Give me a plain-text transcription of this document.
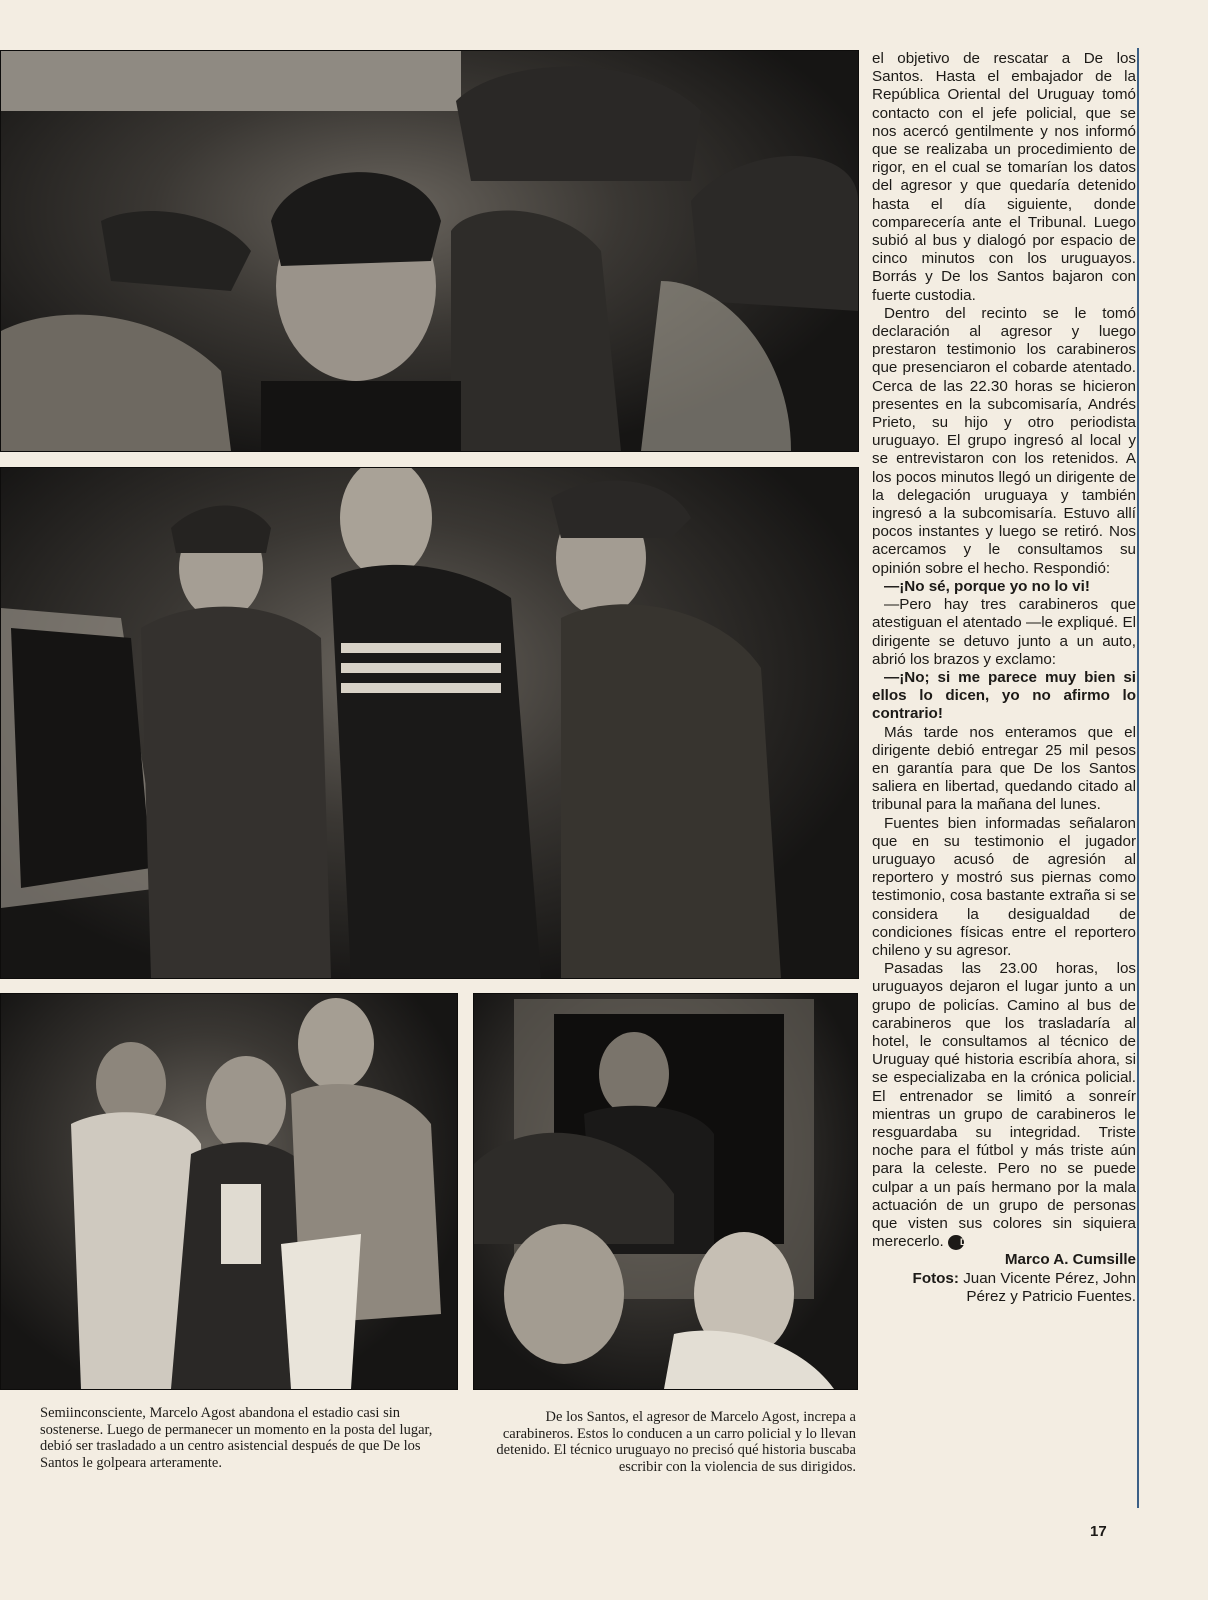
Semiinconsciente, Marcelo Agost abandona el estadio casi sin sostenerse. Luego de permanecer un momento en la posta del lugar, debió ser trasladado a un centro asistencial después de que De los Santos le golpeara arteramente.
De los Santos, el agresor de Marcelo Agost, increpa a carabineros. Estos lo conducen a un carro policial y lo llevan detenido. El técnico uruguayo no precisó qué historia buscaba escribir con la violencia de sus dirigidos.

el objetivo de rescatar a De los Santos. Hasta el embajador de la República Oriental del Uruguay tomó contacto con el jefe policial, que se nos acercó gentilmente y nos informó que se realizaba un procedimiento de rigor, en el cual se tomarían los datos del agresor y que quedaría detenido hasta el día siguiente, donde comparecería ante el Tribunal. Luego subió al bus y dialogó por espacio de cinco minutos con los uruguayos. Borrás y De los Santos bajaron con fuerte custodia.

Dentro del recinto se le tomó declaración al agresor y luego prestaron testimonio los carabineros que presenciaron el cobarde atentado. Cerca de las 22.30 horas se hicieron presentes en la subcomisaría, Andrés Prieto, su hijo y otro periodista uruguayo. El grupo ingresó al local y se entrevistaron con los retenidos. A los pocos minutos llegó un dirigente de la delegación uruguaya y también ingresó a la subcomisaría. Estuvo allí pocos instantes y luego se retiró. Nos acercamos y le consultamos su opinión sobre el hecho. Respondió:

—¡No sé, porque yo no lo vi!

—Pero hay tres carabineros que atestiguan el atentado —le expliqué. El dirigente se detuvo junto a un auto, abrió los brazos y exclamo:

—¡No; si me parece muy bien si ellos lo dicen, yo no afirmo lo contrario!

Más tarde nos enteramos que el dirigente debió entregar 25 mil pesos en garantía para que De los Santos saliera en libertad, quedando citado al tribunal para la mañana del lunes.

Fuentes bien informadas señalaron que en su testimonio el jugador uruguayo acusó de agresión al reportero y mostró sus piernas como testimonio, cosa bastante extraña si se considera la desigualdad de condiciones físicas entre el reportero chileno y su agresor.

Pasadas las 23.00 horas, los uruguayos dejaron el lugar junto a un grupo de policías. Camino al bus de carabineros que los trasladaría al hotel, le consultamos al técnico de Uruguay qué historia escribía ahora, si se especializaba en la crónica policial. El entrenador se limitó a sonreír mientras un grupo de carabineros le resguardaba su integridad. Triste noche para el fútbol y más triste aún para la celeste. Pero no se puede culpar a un país hermano por la mala actuación de un grupo de personas que visten sus colores sin siquiera merecerlo. DT

Marco A. Cumsille

Fotos: Juan Vicente Pérez, John Pérez y Patricio Fuentes.

17
